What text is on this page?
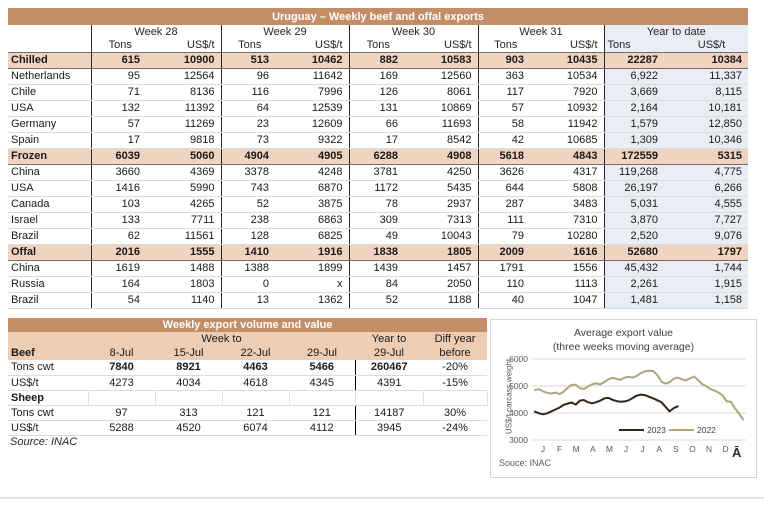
Uruguay – Weekly beef and offal exports										
	Week 28		Week 29		Week 30		Week 31		Year to date	
	Tons	US$/t	Tons	US$/t	Tons	US$/t	Tons	US$/t	Tons	US$/t
Chilled	615	10900	513	10462	882	10583	903	10435	22287	10384
Netherlands	95	12564	96	11642	169	12560	363	10534	6,922	11,337
Chile	71	8136	116	7996	126	8061	117	7920	3,669	8,115
USA	132	11392	64	12539	131	10869	57	10932	2,164	10,181
Germany	57	11269	23	12609	66	11693	58	11942	1,579	12,850
Spain	17	9818	73	9322	17	8542	42	10685	1,309	10,346
Frozen	6039	5060	4904	4905	6288	4908	5618	4843	172559	5315
China	3660	4369	3378	4248	3781	4250	3626	4317	119,268	4,775
USA	1416	5990	743	6870	1172	5435	644	5808	26,197	6,266
Canada	103	4265	52	3875	78	2937	287	3483	5,031	4,555
Israel	133	7711	238	6863	309	7313	111	7310	3,870	7,727
Brazil	62	11561	128	6825	49	10043	79	10280	2,520	9,076
Offal	2016	1555	1410	1916	1838	1805	2009	1616	52680	1797
China	1619	1488	1388	1899	1439	1457	1791	1556	45,432	1,744
Russia	164	1803	0	x	84	2050	110	1113	2,261	1,915
Brazil	54	1140	13	1362	52	1188	40	1047	1,481	1,158
Weekly export volume and value						
	Week to				Year to	Diff year
Beef	8-Jul	15-Jul	22-Jul	29-Jul	29-Jul	before
Tons cwt	7840	8921	4463	5466	260467	-20%
US$/t	4273	4034	4618	4345	4391	-15%
Sheep						
Tons cwt	97	313	121	121	14187	30%
US$/t	5288	4520	6074	4112	3945	-24%
Source: INAC
6000
5000
4000
3000
J F M A M J J A S O N D
2023	2022
Average export value
(three weeks moving average)
US$/t carcass weight
Souce: INAC
Ā
